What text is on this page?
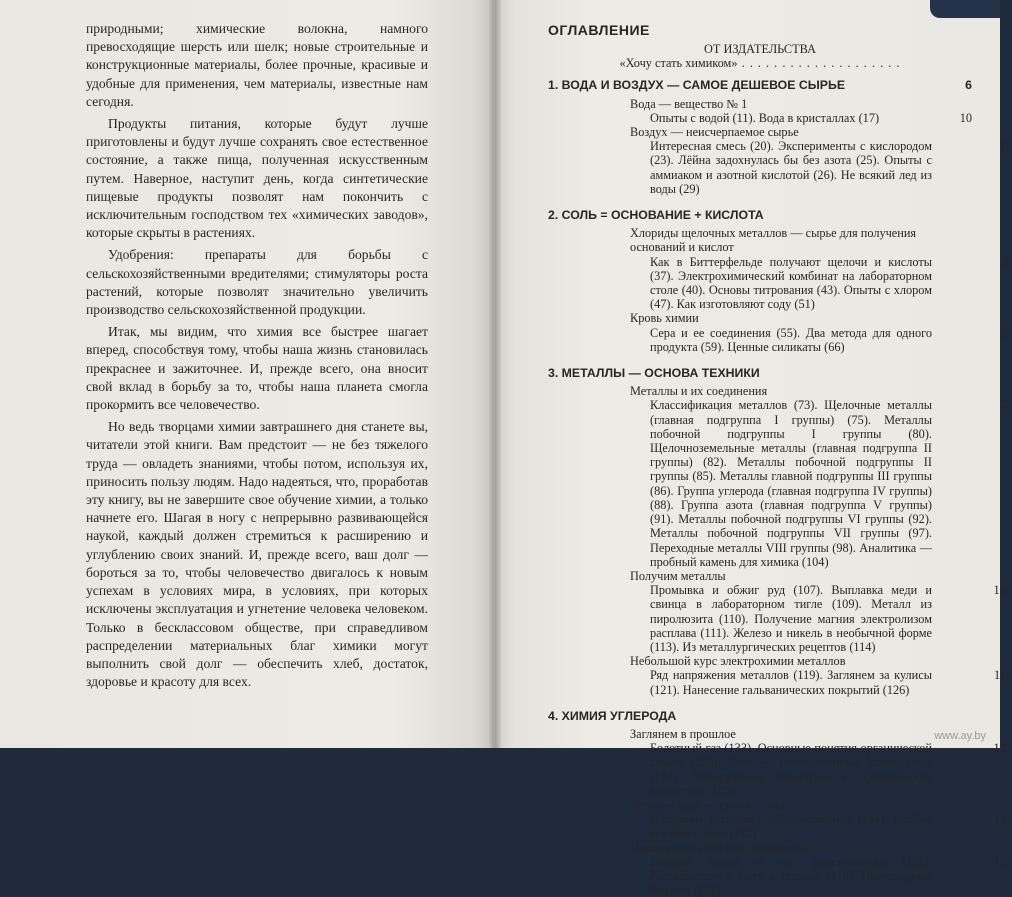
природными; химические волокна, намного превосходящие шерсть или шелк; новые строительные и конструкционные материалы, более прочные, красивые и удобные для применения, чем материалы, известные нам сегодня.

Продукты питания, которые будут лучше приготовлены и будут лучше сохранять свое естественное состояние, а также пища, полученная искусственным путем. Наверное, наступит день, когда синтетические пищевые продукты позволят нам покончить с исключительным господством тех «химических заводов», которые скрыты в растениях.

Удобрения: препараты для борьбы с сельскохозяйственными вредителями; стимуляторы роста растений, которые позволят значительно увеличить производство сельскохозяйственной продукции.

Итак, мы видим, что химия все быстрее шагает вперед, способствуя тому, чтобы наша жизнь становилась прекраснее и зажиточнее. И, прежде всего, она вносит свой вклад в борьбу за то, чтобы наша планета смогла прокормить все человечество.

Но ведь творцами химии завтрашнего дня станете вы, читатели этой книги. Вам предстоит — не без тяжелого труда — овладеть знаниями, чтобы потом, используя их, приносить пользу людям. Надо надеяться, что, проработав эту книгу, вы не завершите свое обучение химии, а только начнете его. Шагая в ногу с непрерывно развивающейся наукой, каждый должен стремиться к расширению и углублению своих знаний. И, прежде всего, ваш долг — бороться за то, чтобы человечество двигалось к новым успехам в условиях мира, в условиях, при которых исключены эксплуатация и угнетение человека человеком. Только в бесклассовом обществе, при справедливом распределении материальных благ химики могут выполнить свой долг — обеспечить хлеб, достаток, здоровье и красоту для всех.

ОГЛАВЛЕНИЕ
ОТ ИЗДАТЕЛЬСТВА
«Хочу стать химиком» . . . . . . . . . . . . . . . . . . . .
1. ВОДА И ВОЗДУХ — САМОЕ ДЕШЕВОЕ СЫРЬЕ	6
Вода — вещество № 1
Опыты с водой (11). Вода в кристаллах (17)	10
Воздух — неисчерпаемое сырье
Интересная смесь (20). Эксперименты с кислородом (23). Лёйна задохнулась бы без азота (25). Опыты с аммиаком и азотной кислотой (26). Не всякий лед из воды (29)
19
2. СОЛЬ = ОСНОВАНИЕ + КИСЛОТА
Хлориды щелочных металлов — сырье для получения оснований и кислот
Как в Биттерфельде получают щелочи и кислоты (37). Электрохимический комбинат на лабораторном столе (40). Основы титрования (43). Опыты с хлором (47). Как изготовляют соду (51)
36
Кровь химии
Сера и ее соединения (55). Два метода для одного продукта (59). Ценные силикаты (66)
55
3. МЕТАЛЛЫ — ОСНОВА ТЕХНИКИ
Металлы и их соединения
Классификация металлов (73). Щелочные металлы (главная подгруппа I группы) (75). Металлы побочной подгруппы I группы (80). Щелочноземельные металлы (главная подгруппа II группы) (82). Металлы побочной подгруппы II группы (85). Металлы главной подгруппы III группы (86). Группа углерода (главная подгруппа IV группы) (88). Группа азота (главная подгруппа V группы) (91). Металлы побочной подгруппы VI группы (92). Металлы побочной подгруппы VII группы (97). Переходные металлы VIII группы (98). Аналитика — пробный камень для химика (104)
72
Получим металлы
Промывка и обжиг руд (107). Выплавка меди и свинца в лабораторном тигле (109). Металл из пиролюзита (110). Получение магния электролизом расплава (111). Железо и никель в необычной форме (113). Из металлургических рецептов (114)
106
Небольшой курс электрохимии металлов
Ряд напряжения металлов (119). Заглянем за кулисы (121). Нанесение гальванических покрытий (126)
119
4. ХИМИЯ УГЛЕРОДА
Заглянем в прошлое
Болотный газ (133). Основные понятия органической химии (135). Этен — ненасыщенный углеводород (137). Обнаружение элементов в органических веществах (140)
132
Уголь — кокс — смола — газ
Построим установку полукоксования (144). Карбид все еще нужен (152)
143
Некоторые из 800 000 соединений
Винный спирт и его родственники (156). Растворители в быту и технике (170). Производные бензола (175)
155
www.ay.by
